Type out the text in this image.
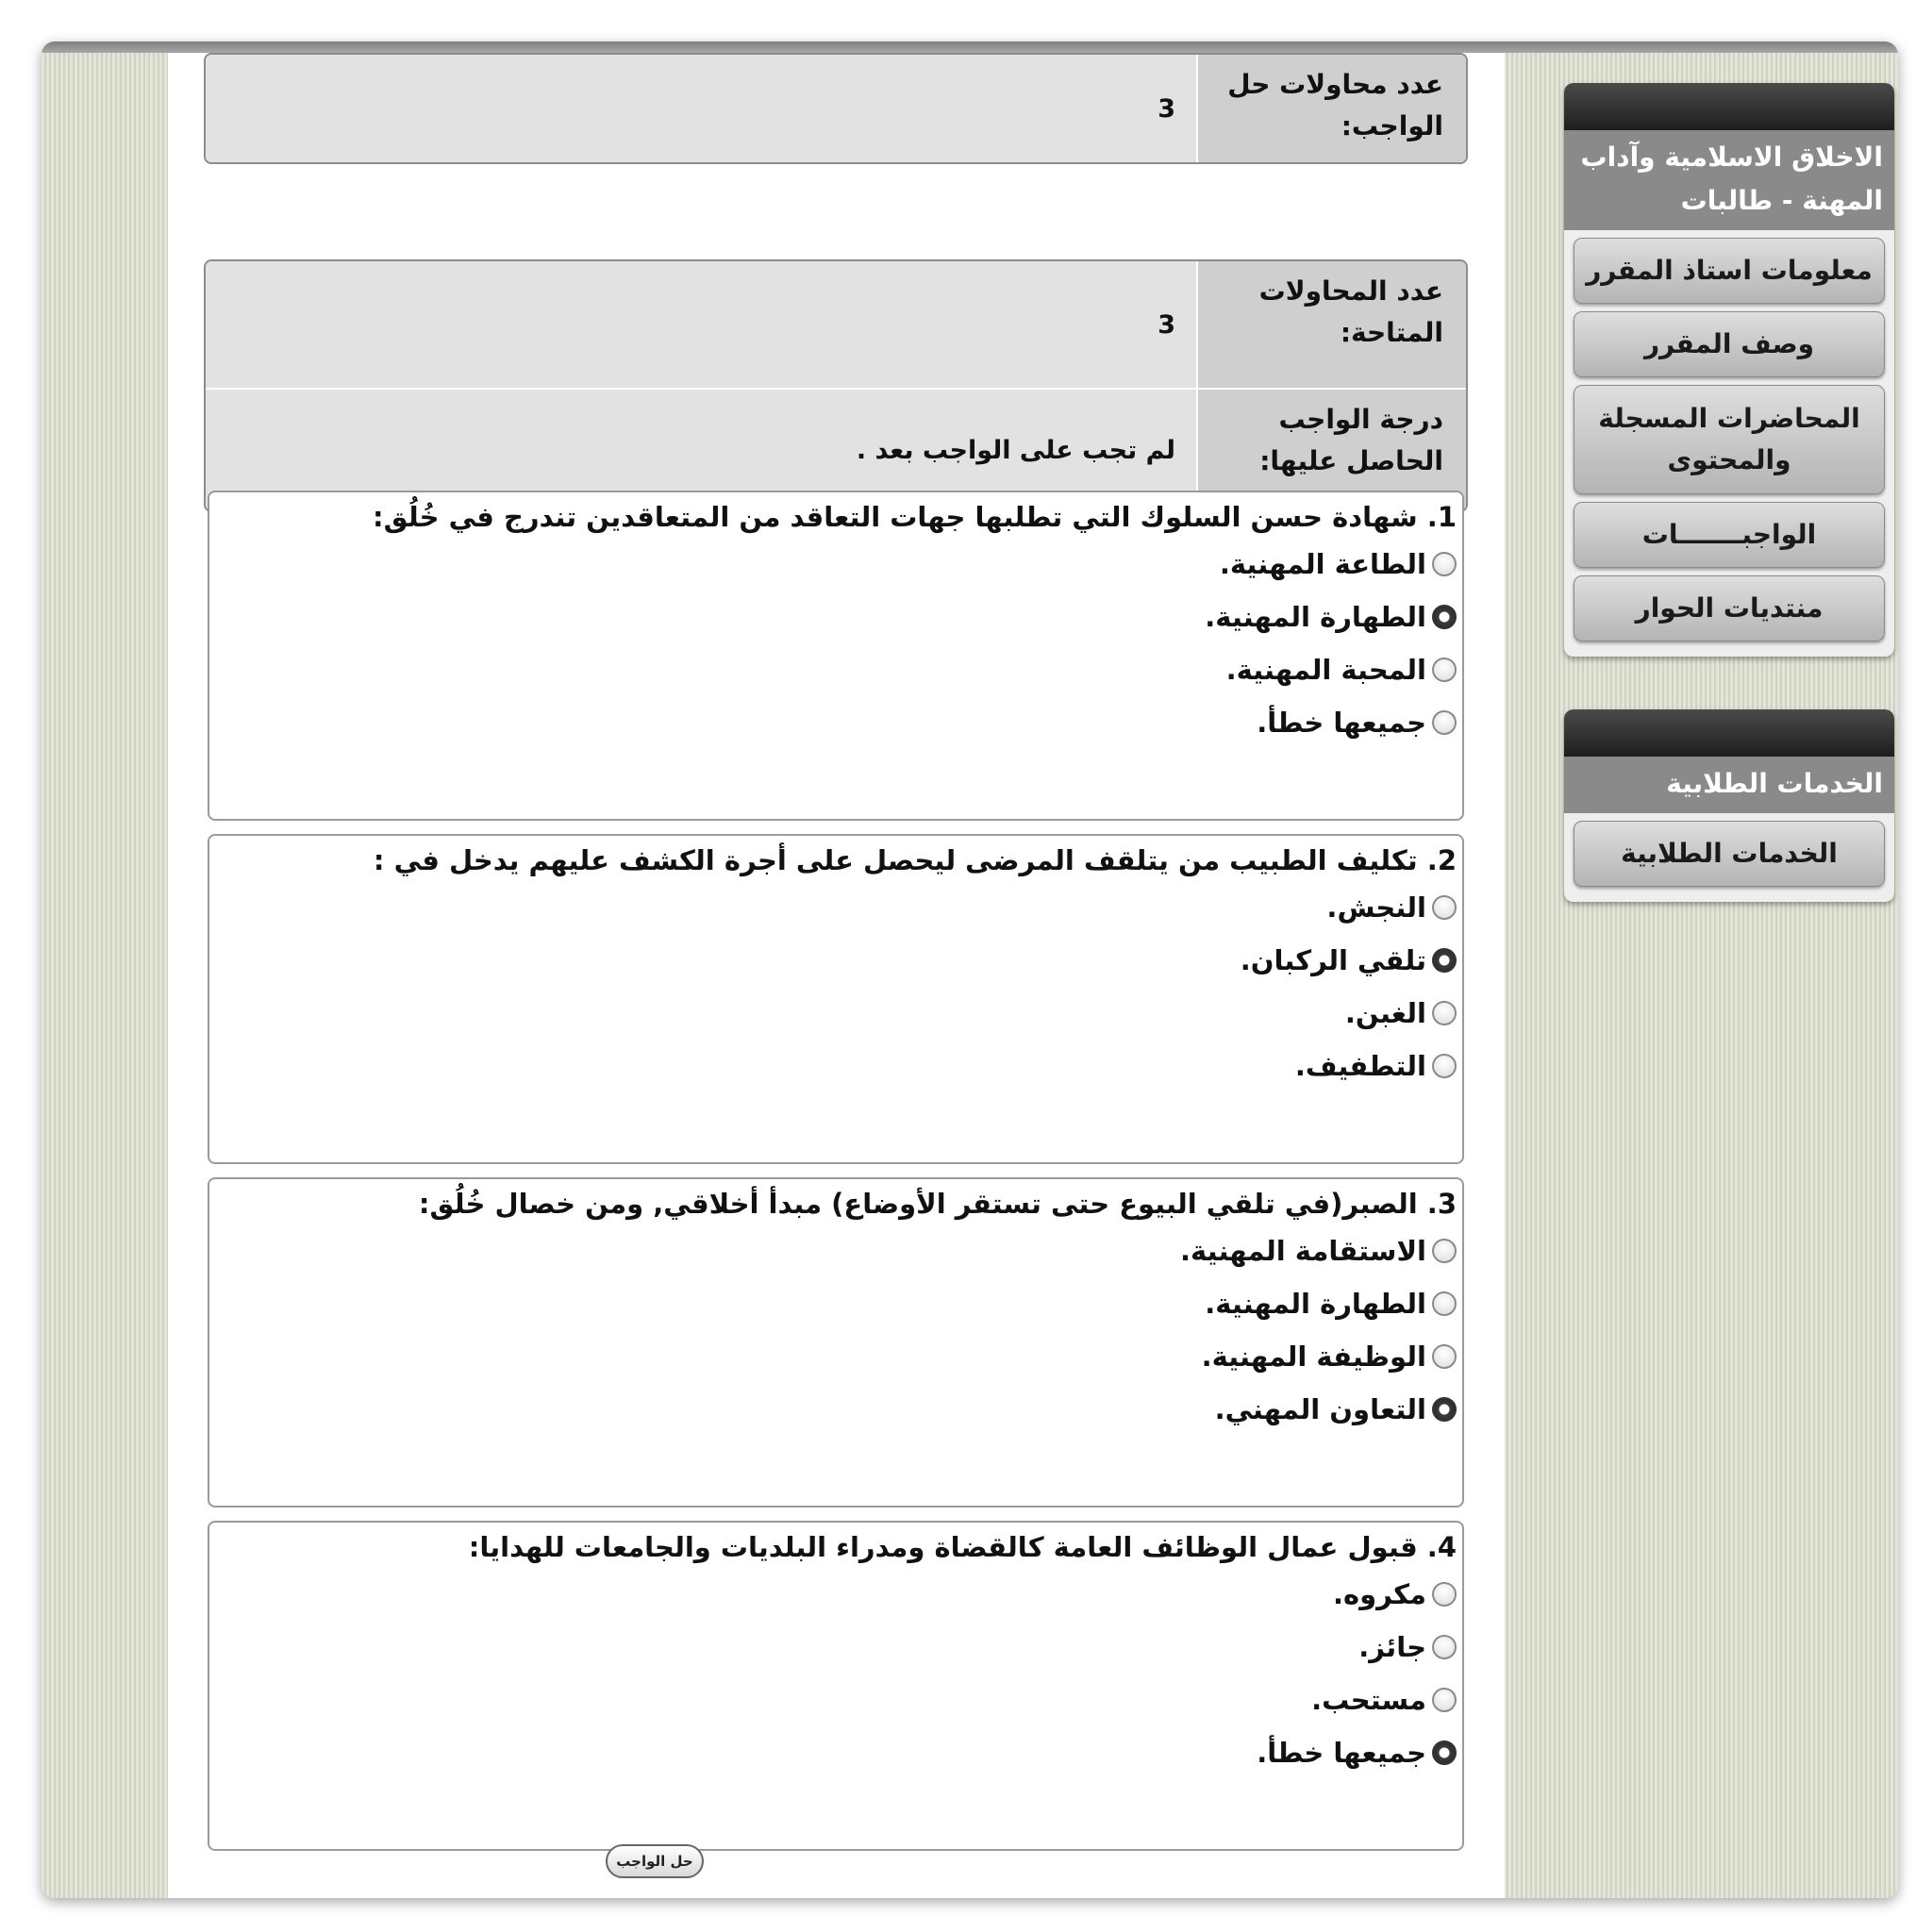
عدد محاولات حل الواجب:
3
عدد المحاولات المتاحة:
3
درجة الواجب الحاصل عليها:
لم تجب على الواجب بعد .
1. شهادة حسن السلوك التي تطلبها جهات التعاقد من المتعاقدين تندرج في خُلُق:
الطاعة المهنية.
الطهارة المهنية.
المحبة المهنية.
جميعها خطأ.
2. تكليف الطبيب من يتلقف المرضى ليحصل على أجرة الكشف عليهم يدخل في :
النجش.
تلقي الركبان.
الغبن.
التطفيف.
3. الصبر(في تلقي البيوع حتى تستقر الأوضاع) مبدأ أخلاقي, ومن خصال خُلُق:
الاستقامة المهنية.
الطهارة المهنية.
الوظيفة المهنية.
التعاون المهني.
4. قبول عمال الوظائف العامة كالقضاة ومدراء البلديات والجامعات للهدايا:
مكروه.
جائز.
مستحب.
جميعها خطأ.
الاخلاق الاسلامية وآداب المهنة - طالبات
معلومات استاذ المقرر
وصف المقرر
المحاضرات المسجلة والمحتوى
الواجبـــــــات
منتديات الحوار
الخدمات الطلابية
الخدمات الطلابية
حل الواجب
